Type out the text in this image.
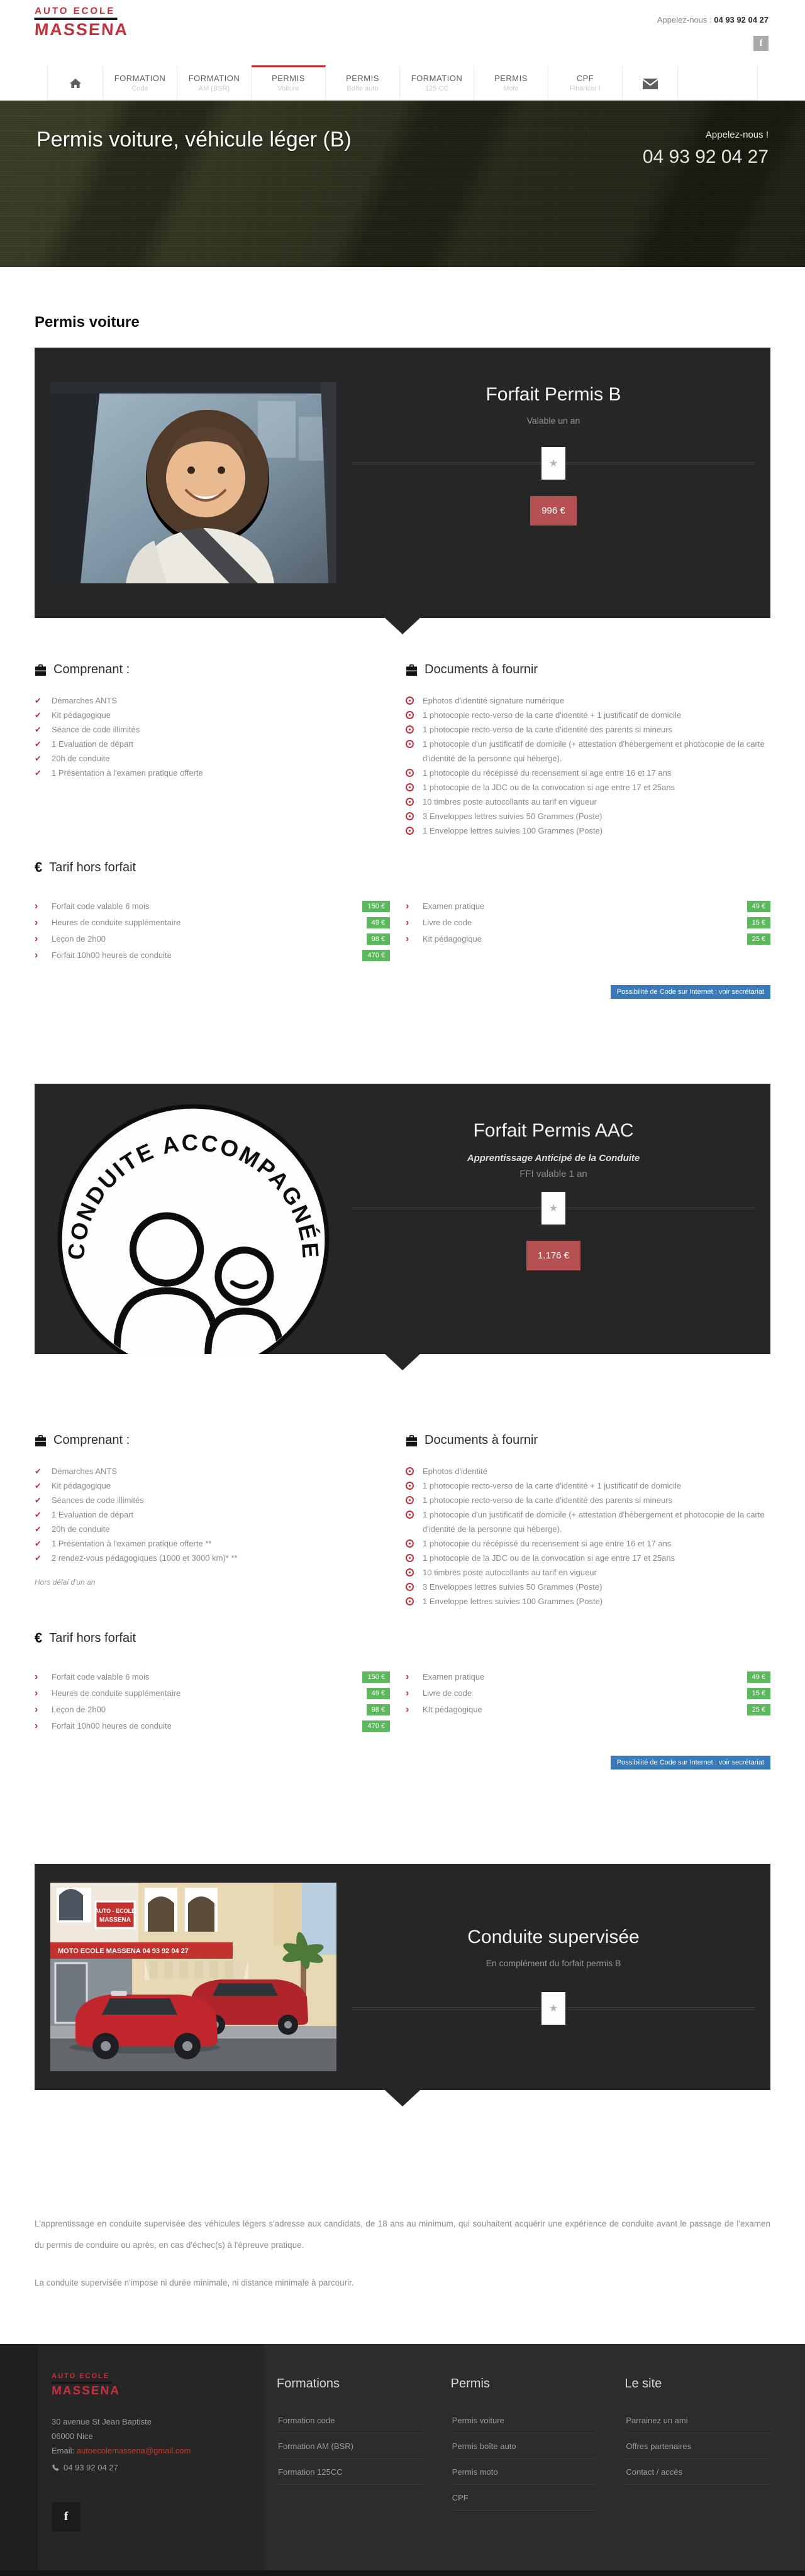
AUTO ECOLE
MASSENA
Appelez-nous : 04 93 92 04 27
f
FORMATION
Code
FORMATION
AM (BSR)
PERMIS
Voiture
PERMIS
Boîte auto
FORMATION
125 CC
PERMIS
Moto
CPF
Financer !
Permis voiture, véhicule léger (B)	Appelez-nous !
04 93 92 04 27
Permis voiture
Forfait Permis B
Valable un an
★
996 €
Comprenant :
✔
Démarches ANTS
✔
Kit pédagogique
✔
Séance de code illimités
✔
1 Evaluation de départ
✔
20h de conduite
✔
1 Présentation à l'examen pratique offerte
Documents à fournir
Ephotos d'identité signature numérique
1 photocopie recto-verso de la carte d'identité + 1 justificatif de domicile
1 photocopie recto-verso de la carte d'identité des parents si mineurs
1 photocopie d'un justificatif de domicile (+ attestation d'hébergement et photocopie de la carte d'identité de la personne qui héberge).
1 photocopie du récépissé du recensement si age entre 16 et 17 ans
1 photocopie de la JDC ou de la convocation si age entre 17 et 25ans
10 timbres poste autocollants au tarif en vigueur
3 Enveloppes lettres suivies 50 Grammes (Poste)
1 Enveloppe lettres suivies 100 Grammes (Poste)
€ Tarif hors forfait
›
Forfait code valable 6 mois	150 €
›
Heures de conduite supplémentaire	49 €
›
Leçon de 2h00	98 €
›
Forfait 10h00 heures de conduite	470 €
›
Examen pratique	49 €
›
Livre de code	15 €
›
Kit pédagogique	25 €
Possibilité de Code sur Internet : voir secrétariat
CONDUITE ACCOMPAGNÉE
Forfait Permis AAC
Apprentissage Anticipé de la Conduite
FFI valable 1 an
★
1.176 €
Comprenant :
✔
Démarches ANTS
✔
Kit pédagogique
✔
Séances de code illimités
✔
1 Evaluation de départ
✔
20h de conduite
✔
1 Présentation à l'examen pratique offerte **
✔
2 rendez-vous pédagogiques (1000 et 3000 km)* **
Hors délai d'un an
Documents à fournir
Ephotos d'identité
1 photocopie recto-verso de la carte d'identité + 1 justificatif de domicile
1 photocopie recto-verso de la carte d'identité des parents si mineurs
1 photocopie d'un justificatif de domicile (+ attestation d'hébergement et photocopie de la carte d'identité de la personne qui héberge).
1 photocopie du récépissé du recensement si age entre 16 et 17 ans
1 photocopie de la JDC ou de la convocation si age entre 17 et 25ans
10 timbres poste autocollants au tarif en vigueur
3 Enveloppes lettres suivies 50 Grammes (Poste)
1 Enveloppe lettres suivies 100 Grammes (Poste)
€ Tarif hors forfait
›
Forfait code valable 6 mois	150 €
›
Heures de conduite supplémentaire	49 €
›
Leçon de 2h00	98 €
›
Forfait 10h00 heures de conduite	470 €
›
Examen pratique	49 €
›
Livre de code	15 €
›
KIt pédagogique	25 €
Possibilité de Code sur Internet : voir secrétariat
AUTO - ECOLE
MASSENA
MOTO ECOLE MASSENA 04 93 92 04 27
Conduite supervisée
En complément du forfait permis B
★

L'apprentissage en conduite supervisée des véhicules légers s'adresse aux candidats, de 18 ans au minimum, qui souhaitent acquérir une expérience de conduite avant le passage de l'examen du permis de conduire ou après, en cas d'échec(s) à l'épreuve pratique.

La conduite supervisée n'impose ni durée minimale, ni distance minimale à parcourir.

AUTO ECOLE
MASSENA
30 avenue St Jean Baptiste
06000 Nice
Email: autoecolemassena@gmail.com
04 93 92 04 27
f
Formations
Formation code
Formation AM (BSR)
Formation 125CC
Permis
Permis voiture
Permis boîte auto
Permis moto
CPF
Le site
Parrainez un ami
Offres partenaires
Contact / accès
